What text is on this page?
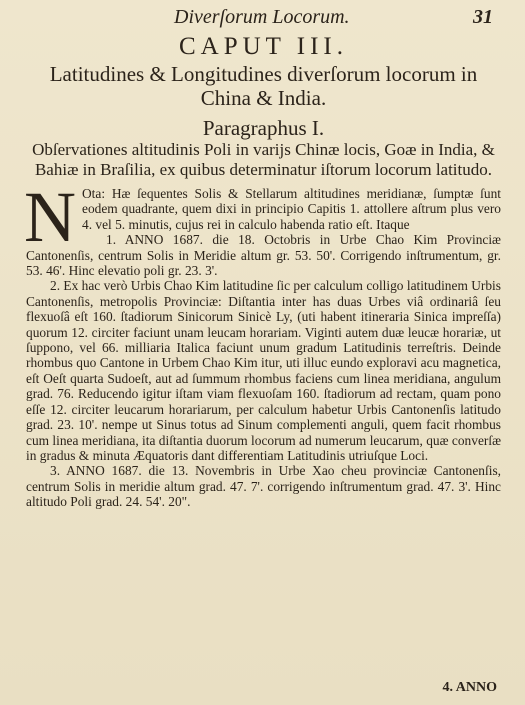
Diverſorum Locorum.	31
CAPUT III.
Latitudines & Longitudines diverſorum locorum in China & India.
Paragraphus I.
Obſervationes altitudinis Poli in varijs Chinæ locis, Goæ in India, & Bahiæ in Braſilia, ex quibus determinatur iſtorum locorum latitudo.
N Ota: Hæ ſequentes Solis & Stellarum altitudines meridianæ, ſumptæ ſunt eodem quadrante, quem dixi in principio Capitis 1. attollere aſtrum plus vero 4. vel 5. minutis, cujus rei in calculo habenda ratio eſt. Itaque

1. ANNO 1687. die 18. Octobris in Urbe Chao Kim Provinciæ Cantonenſis, centrum Solis in Meridie altum gr. 53. 50'. Corrigendo inſtrumentum, gr. 53. 46'. Hinc elevatio poli gr. 23. 3'.

2. Ex hac verò Urbis Chao Kim latitudine ſic per calculum colligo latitudinem Urbis Cantonenſis, metropolis Provinciæ: Diſtantia inter has duas Urbes viâ ordinariâ ſeu flexuoſâ eſt 160. ſtadiorum Sinicorum Sinicè Ly, (uti habent itineraria Sinica impreſſa) quorum 12. circiter faciunt unam leucam horariam. Viginti autem duæ leucæ horariæ, ut ſuppono, vel 66. milliaria Italica faciunt unum gradum Latitudinis terreſtris. Deinde rhombus quo Cantone in Urbem Chao Kim itur, uti illuc eundo exploravi acu magnetica, eſt Oeſt quarta Sudoeſt, aut ad ſummum rhombus faciens cum linea meridiana, angulum grad. 76. Reducendo igitur iſtam viam flexuoſam 160. ſtadiorum ad rectam, quam pono eſſe 12. circiter leucarum horariarum, per calculum habetur Urbis Cantonenſis latitudo grad. 23. 10'. nempe ut Sinus totus ad Sinum complementi anguli, quem facit rhombus cum linea meridiana, ita diſtantia duorum locorum ad numerum leucarum, quæ converſæ in gradus & minuta Æquatoris dant differentiam Latitudinis utriuſque Loci.

3. ANNO 1687. die 13. Novembris in Urbe Xao cheu provinciæ Cantonenſis, centrum Solis in meridie altum grad. 47. 7'. corrigendo inſtrumentum grad. 47. 3'. Hinc altitudo Poli grad. 24. 54'. 20".

4. ANNO
